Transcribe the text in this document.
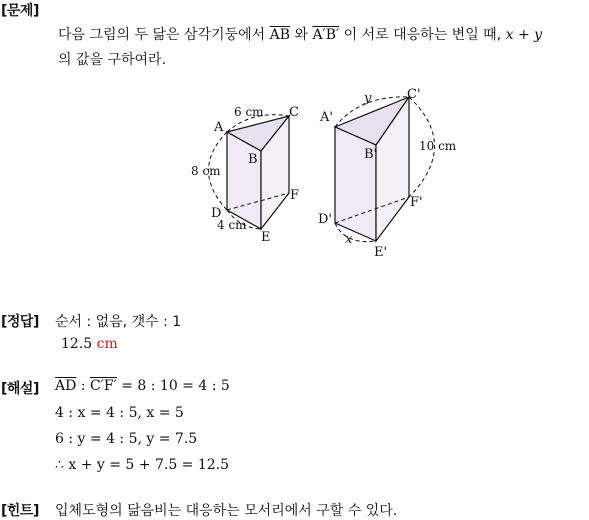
[문제]
다음 그림의 두 닮은 삼각기둥에서 $\overline{AB}$ 와 A′B′ 이 서로 대응하는 변일 때, x + y
의 값을 구하여라.
A
B
C
D
E
F
6 cm
8 cm
4 cm
A'
B'
C'
D'
E'
F'
y
10 cm
x
[정답] 순서 : 없음, 갯수 : 1
12.5 cm
[해설] $\overline{AD}$ : C′F′ = 8 : 10 = 4 : 5
4 : x = 4 : 5, x = 5
6 : y = 4 : 5, y = 7.5
∴ x + y = 5 + 7.5 = 12.5
[힌트] 입체도형의 닮음비는 대응하는 모서리에서 구할 수 있다.
